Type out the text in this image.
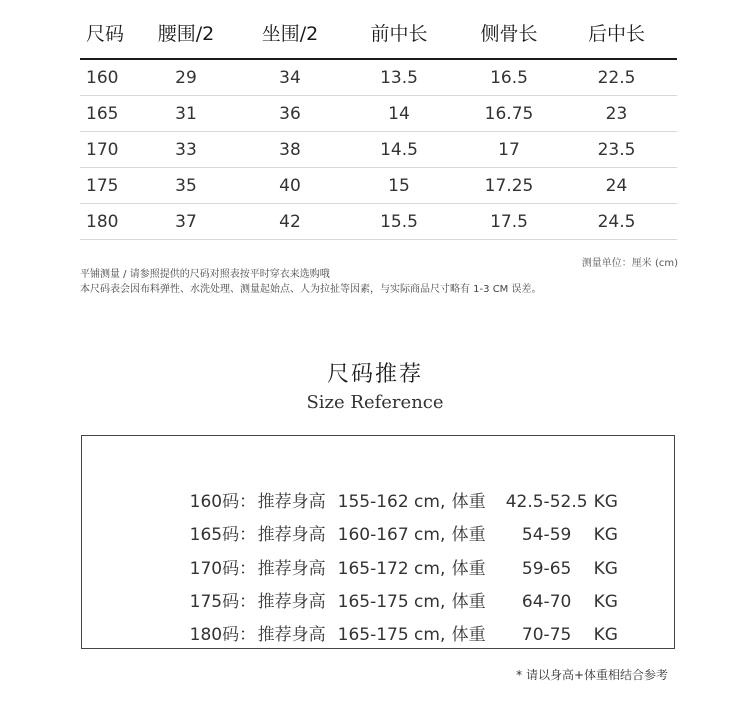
尺码	腰围/2	坐围/2	前中长	侧骨长	后中长
160	29	34	13.5	16.5	22.5
165	31	36	14	16.75	23
170	33	38	14.5	17	23.5
175	35	40	15	17.25	24
180	37	42	15.5	17.5	24.5
测量单位：厘米 (cm)
平铺测量 / 请参照提供的尺码对照表按平时穿衣来选购哦
本尺码表会因布料弹性、水洗处理、测量起始点、人为拉扯等因素，与实际商品尺寸略有 1-3 CM 误差。
尺码推荐
Size Reference

160码：推荐身高 155-162 cm, 体重 42.5-52.5 KG

165码：推荐身高 160-167 cm, 体重 54-59 KG

170码：推荐身高 165-172 cm, 体重 59-65 KG

175码：推荐身高 165-175 cm, 体重 64-70 KG

180码：推荐身高 165-175 cm, 体重 70-75 KG

* 请以身高+体重相结合参考
